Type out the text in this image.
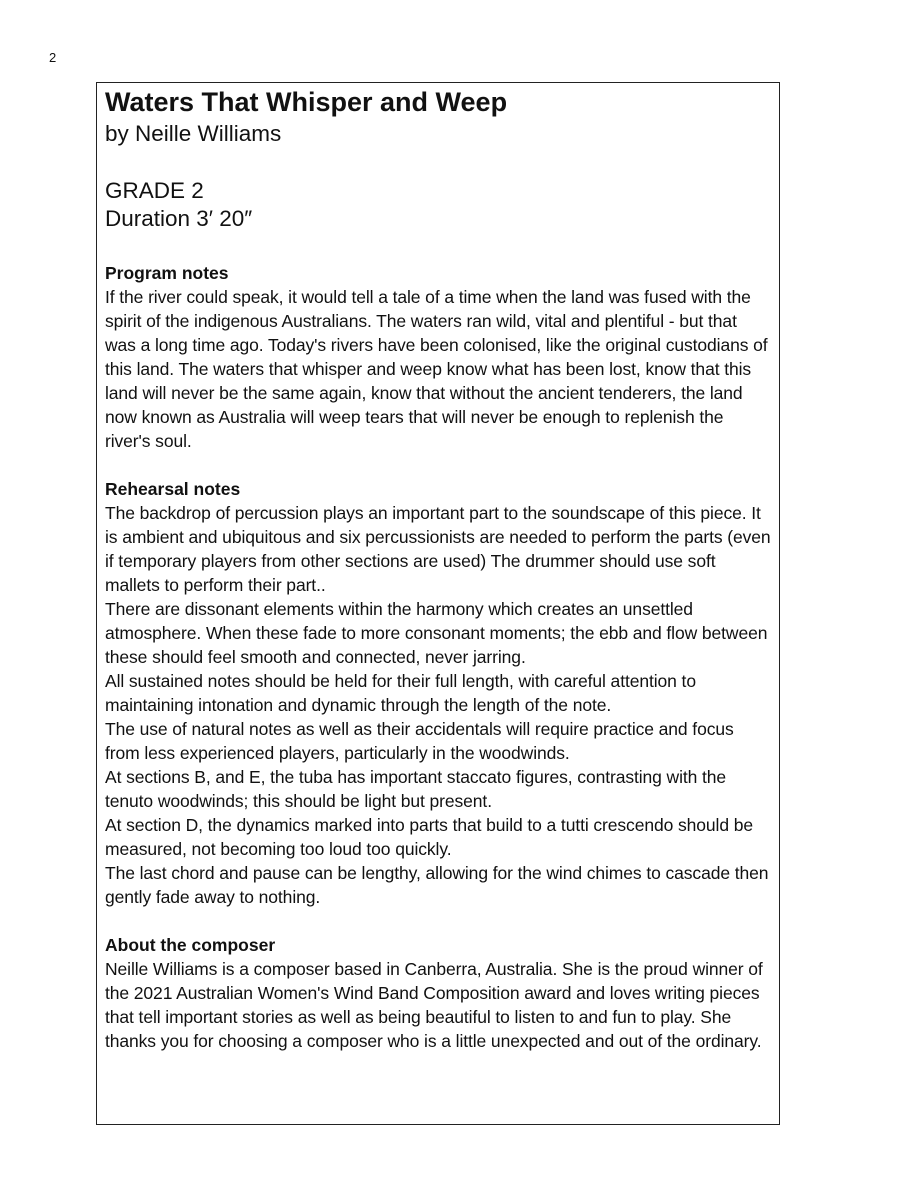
2
Waters That Whisper and Weep

by Neille Williams

GRADE 2

Duration 3′ 20″

Program notes

If the river could speak, it would tell a tale of a time when the land was fused with the spirit of the indigenous Australians. The waters ran wild, vital and plentiful - but that was a long time ago. Today's rivers have been colonised, like the original custodians of this land. The waters that whisper and weep know what has been lost, know that this land will never be the same again, know that without the ancient tenderers, the land now known as Australia will weep tears that will never be enough to replenish the river's soul.

Rehearsal notes

The backdrop of percussion plays an important part to the soundscape of this piece. It is ambient and ubiquitous and six percussionists are needed to perform the parts (even if temporary players from other sections are used) The drummer should use soft mallets to perform their part..

There are dissonant elements within the harmony which creates an unsettled atmosphere. When these fade to more consonant moments; the ebb and flow between these should feel smooth and connected, never jarring.

All sustained notes should be held for their full length, with careful attention to maintaining intonation and dynamic through the length of the note.

The use of natural notes as well as their accidentals will require practice and focus from less experienced players, particularly in the woodwinds.

At sections B, and E, the tuba has important staccato figures, contrasting with the tenuto woodwinds; this should be light but present.

At section D, the dynamics marked into parts that build to a tutti crescendo should be measured, not becoming too loud too quickly.

The last chord and pause can be lengthy, allowing for the wind chimes to cascade then gently fade away to nothing.

About the composer

Neille Williams is a composer based in Canberra, Australia. She is the proud winner of the 2021 Australian Women's Wind Band Composition award and loves writing pieces that tell important stories as well as being beautiful to listen to and fun to play. She thanks you for choosing a composer who is a little unexpected and out of the ordinary.
